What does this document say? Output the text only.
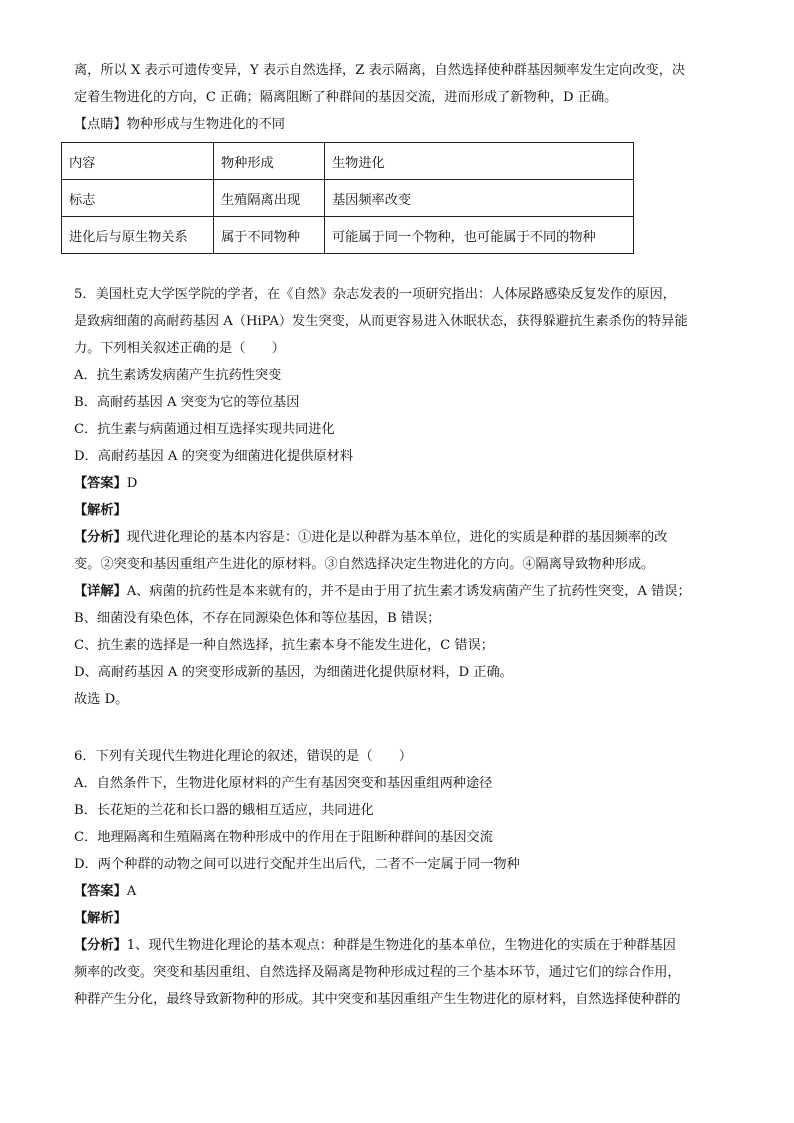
离，所以 X 表示可遗传变异，Y 表示自然选择，Z 表示隔离，自然选择使种群基因频率发生定向改变，决
定着生物进化的方向，C 正确；隔离阻断了种群间的基因交流，进而形成了新物种，D 正确。
【点睛】物种形成与生物进化的不同
内容	物种形成	生物进化
标志	生殖隔离出现	基因频率改变
进化后与原生物关系	属于不同物种	可能属于同一个物种，也可能属于不同的物种
5．美国杜克大学医学院的学者，在《自然》杂志发表的一项研究指出：人体尿路感染反复发作的原因，
是致病细菌的高耐药基因 A（HiPA）发生突变，从而更容易进入休眠状态，获得躲避抗生素杀伤的特异能
力。下列相关叙述正确的是（　　）
A．抗生素诱发病菌产生抗药性突变
B．高耐药基因 A 突变为它的等位基因
C．抗生素与病菌通过相互选择实现共同进化
D．高耐药基因 A 的突变为细菌进化提供原材料
【答案】D
【解析】
【分析】现代进化理论的基本内容是：①进化是以种群为基本单位，进化的实质是种群的基因频率的改
变。②突变和基因重组产生进化的原材料。③自然选择决定生物进化的方向。④隔离导致物种形成。
【详解】A、病菌的抗药性是本来就有的，并不是由于用了抗生素才诱发病菌产生了抗药性突变，A 错误；
B、细菌没有染色体，不存在同源染色体和等位基因，B 错误；
C、抗生素的选择是一种自然选择，抗生素本身不能发生进化，C 错误；
D、高耐药基因 A 的突变形成新的基因，为细菌进化提供原材料，D 正确。
故选 D。
6．下列有关现代生物进化理论的叙述，错误的是（　　）
A．自然条件下，生物进化原材料的产生有基因突变和基因重组两种途径
B．长花矩的兰花和长口器的蛾相互适应，共同进化
C．地理隔离和生殖隔离在物种形成中的作用在于阻断种群间的基因交流
D．两个种群的动物之间可以进行交配并生出后代，二者不一定属于同一物种
【答案】A
【解析】
【分析】1、现代生物进化理论的基本观点：种群是生物进化的基本单位，生物进化的实质在于种群基因
频率的改变。突变和基因重组、自然选择及隔离是物种形成过程的三个基本环节，通过它们的综合作用，
种群产生分化，最终导致新物种的形成。其中突变和基因重组产生生物进化的原材料，自然选择使种群的
